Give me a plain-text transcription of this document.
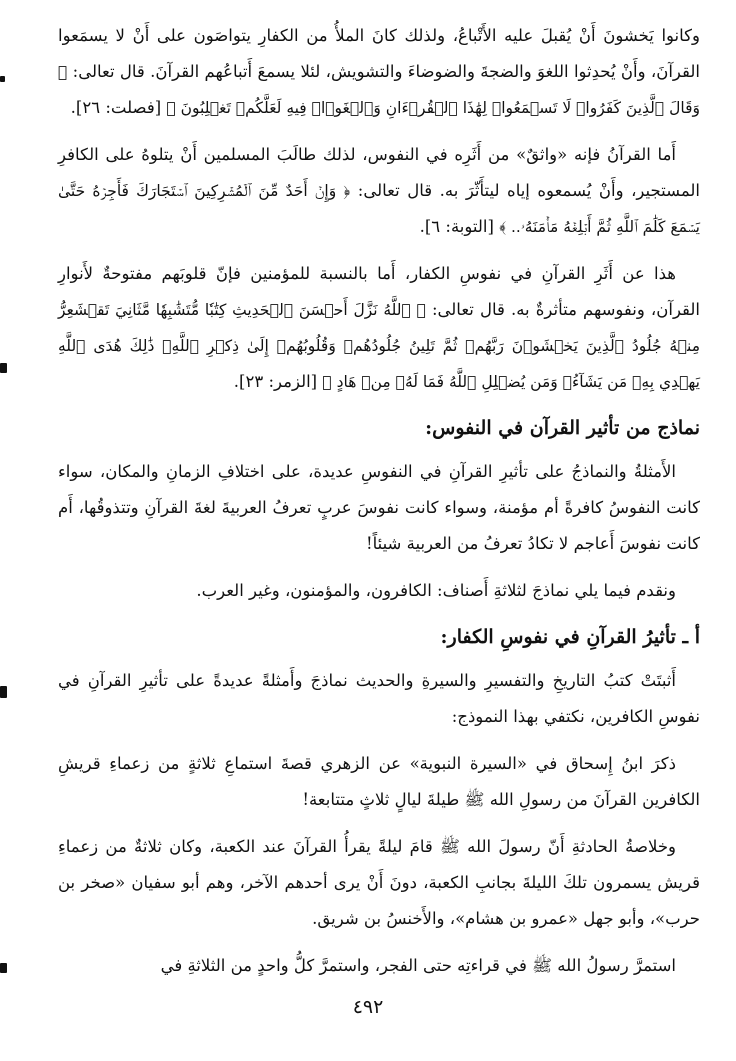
وكانوا يَخشونَ أَنْ يُقبلَ عليه الأَتْباعُ، ولذلك كانَ الملأُ من الكفارِ يتواصَون على أَنْ لا يسمَعوا القرآنَ، وأَنْ يُحدِثوا اللغوَ والضجةَ والضوضاءَ والتشويش، لئلا يسمعَ أَتباعُهم القرآنَ. قال تعالى: ﴿ وَقَالَ ٱلَّذِينَ كَفَرُوا۟ لَا تَسۡمَعُوا۟ لِهَٰذَا ٱلۡقُرۡءَانِ وَٱلۡغَوۡا۟ فِيهِ لَعَلَّكُمۡ تَغۡلِبُونَ ﴾ [فصلت: ٢٦].

أَما القرآنُ فإنه «واثقٌ» من أَثَرِه في النفوس، لذلك طالَبَ المسلمين أَنْ يتلوهُ على الكافرِ المستجير، وأَنْ يُسمعوه إياه ليتأَثّرَ به. قال تعالى: ﴿ وَإِنۡ أَحَدٌ مِّنَ ٱلۡمُشۡرِكِينَ ٱسۡتَجَارَكَ فَأَجِرۡهُ حَتَّىٰ يَسۡمَعَ كَلَٰمَ ٱللَّهِ ثُمَّ أَبۡلِغۡهُ مَأۡمَنَهُۥ.. ﴾ [التوبة: ٦].

هذا عن أَثَرِ القرآنِ في نفوسِ الكفار، أَما بالنسبة للمؤمنين فإنّ قلوبَهم مفتوحةٌ لأَنوارِ القرآن، ونفوسهم متأثرةٌ به. قال تعالى: ﴿ ٱللَّهُ نَزَّلَ أَحۡسَنَ ٱلۡحَدِيثِ كِتَٰبٗا مُّتَشَٰبِهٗا مَّثَانِيَ تَقۡشَعِرُّ مِنۡهُ جُلُودُ ٱلَّذِينَ يَخۡشَوۡنَ رَبَّهُمۡ ثُمَّ تَلِينُ جُلُودُهُمۡ وَقُلُوبُهُمۡ إِلَىٰ ذِكۡرِ ٱللَّهِۚ ذَٰلِكَ هُدَى ٱللَّهِ يَهۡدِي بِهِۦ مَن يَشَآءُۚ وَمَن يُضۡلِلِ ٱللَّهُ فَمَا لَهُۥ مِنۡ هَادٍ ﴾ [الزمر: ٢٣].

نماذج من تأثير القرآن في النفوس:

الأَمثلةُ والنماذجُ على تأثيرِ القرآنِ في النفوسِ عديدة، على اختلافِ الزمانِ والمكان، سواء كانت النفوسُ كافرةً أم مؤمنة، وسواء كانت نفوسَ عربٍ تعرفُ العربيةَ لغةَ القرآنِ وتتذوقُها، أَم كانت نفوسَ أَعاجم لا تكادُ تعرفُ من العربية شيئاً!

ونقدم فيما يلي نماذجَ لثلاثةِ أَصناف: الكافرون، والمؤمنون، وغير العرب.

أ ـ تأثيرُ القرآنِ في نفوسِ الكفار:

أَثبتَتْ كتبُ التاريخِ والتفسيرِ والسيرةِ والحديث نماذجَ وأَمثلةً عديدةً على تأثيرِ القرآنِ في نفوسِ الكافرين، نكتفي بهذا النموذج:

ذكرَ ابنُ إِسحاق في «السيرة النبوية» عن الزهري قصةَ استماعِ ثلاثةٍ من زعماءِ قريشِ الكافرين القرآنَ من رسولِ الله ﷺ طيلةَ ليالٍ ثلاثٍ متتابعة!

وخلاصةُ الحادثةِ أَنّ رسولَ الله ﷺ قامَ ليلةً يقرأُ القرآنَ عند الكعبة، وكان ثلاثةٌ من زعماءِ قريش يسمرون تلكَ الليلةَ بجانبِ الكعبة، دونَ أَنْ يرى أحدهم الآخر، وهم أبو سفيان «صخر بن حرب»، وأبو جهل «عمرو بن هشام»، والأَخنسُ بن شريق.

استمرَّ رسولُ الله ﷺ في قراءتِه حتى الفجر، واستمرَّ كلُّ واحدٍ من الثلاثةِ في

٤٩٢
